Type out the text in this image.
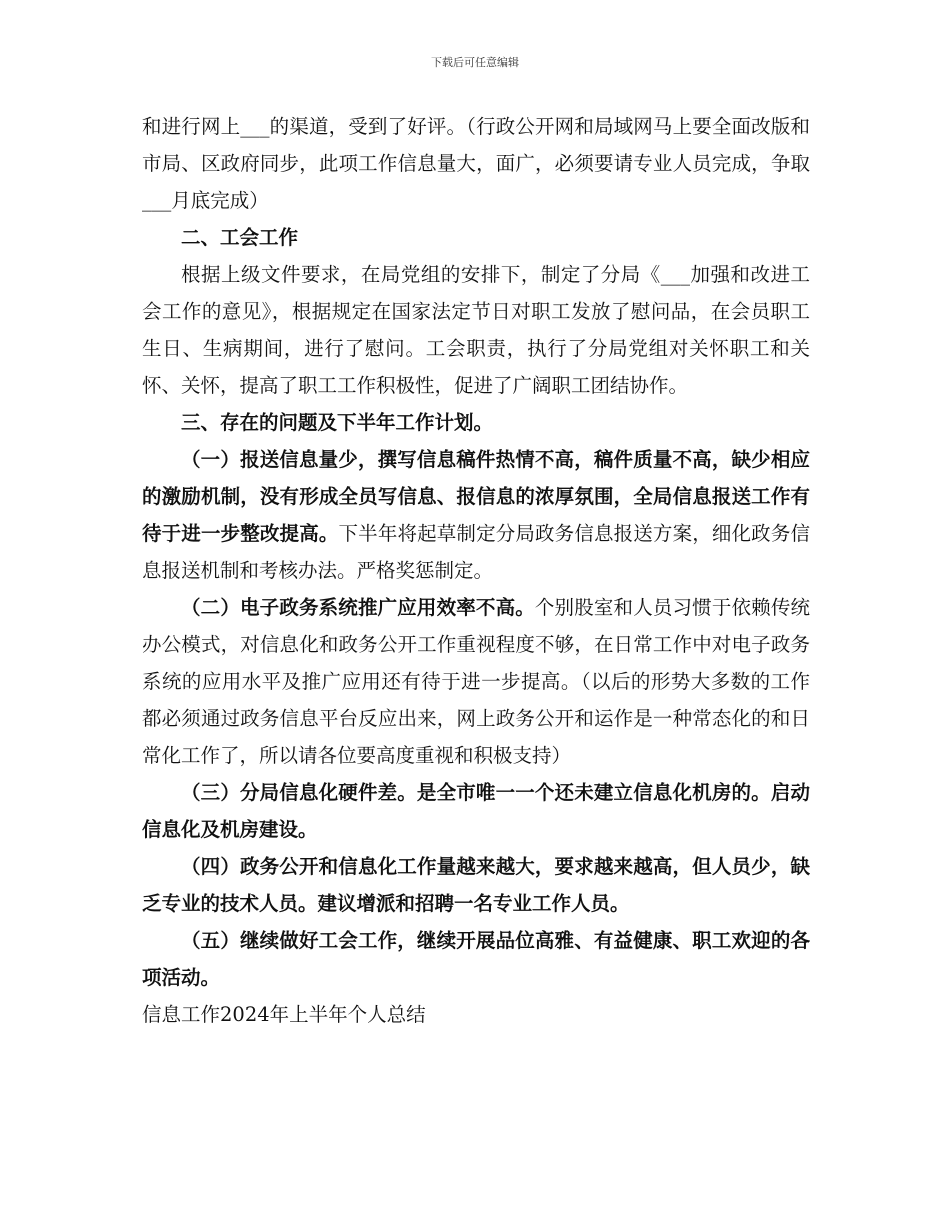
下载后可任意编辑

和进行网上___的渠道，受到了好评。（行政公开网和局域网马上要全面改版和市局、区政府同步，此项工作信息量大，面广，必须要请专业人员完成，争取___月底完成）

二、工会工作

根据上级文件要求，在局党组的安排下，制定了分局《___加强和改进工会工作的意见》，根据规定在国家法定节日对职工发放了慰问品，在会员职工生日、生病期间，进行了慰问。工会职责，执行了分局党组对关怀职工和关怀、关怀，提高了职工工作积极性，促进了广阔职工团结协作。

三、存在的问题及下半年工作计划。

（一）报送信息量少，撰写信息稿件热情不高，稿件质量不高，缺少相应的激励机制，没有形成全员写信息、报信息的浓厚氛围，全局信息报送工作有待于进一步整改提高。下半年将起草制定分局政务信息报送方案，细化政务信息报送机制和考核办法。严格奖惩制定。

（二）电子政务系统推广应用效率不高。个别股室和人员习惯于依赖传统办公模式，对信息化和政务公开工作重视程度不够，在日常工作中对电子政务系统的应用水平及推广应用还有待于进一步提高。（以后的形势大多数的工作都必须通过政务信息平台反应出来，网上政务公开和运作是一种常态化的和日常化工作了，所以请各位要高度重视和积极支持）

（三）分局信息化硬件差。是全市唯一一个还未建立信息化机房的。启动信息化及机房建设。

（四）政务公开和信息化工作量越来越大，要求越来越高，但人员少，缺乏专业的技术人员。建议增派和招聘一名专业工作人员。

（五）继续做好工会工作，继续开展品位高雅、有益健康、职工欢迎的各项活动。

信息工作2024年上半年个人总结
